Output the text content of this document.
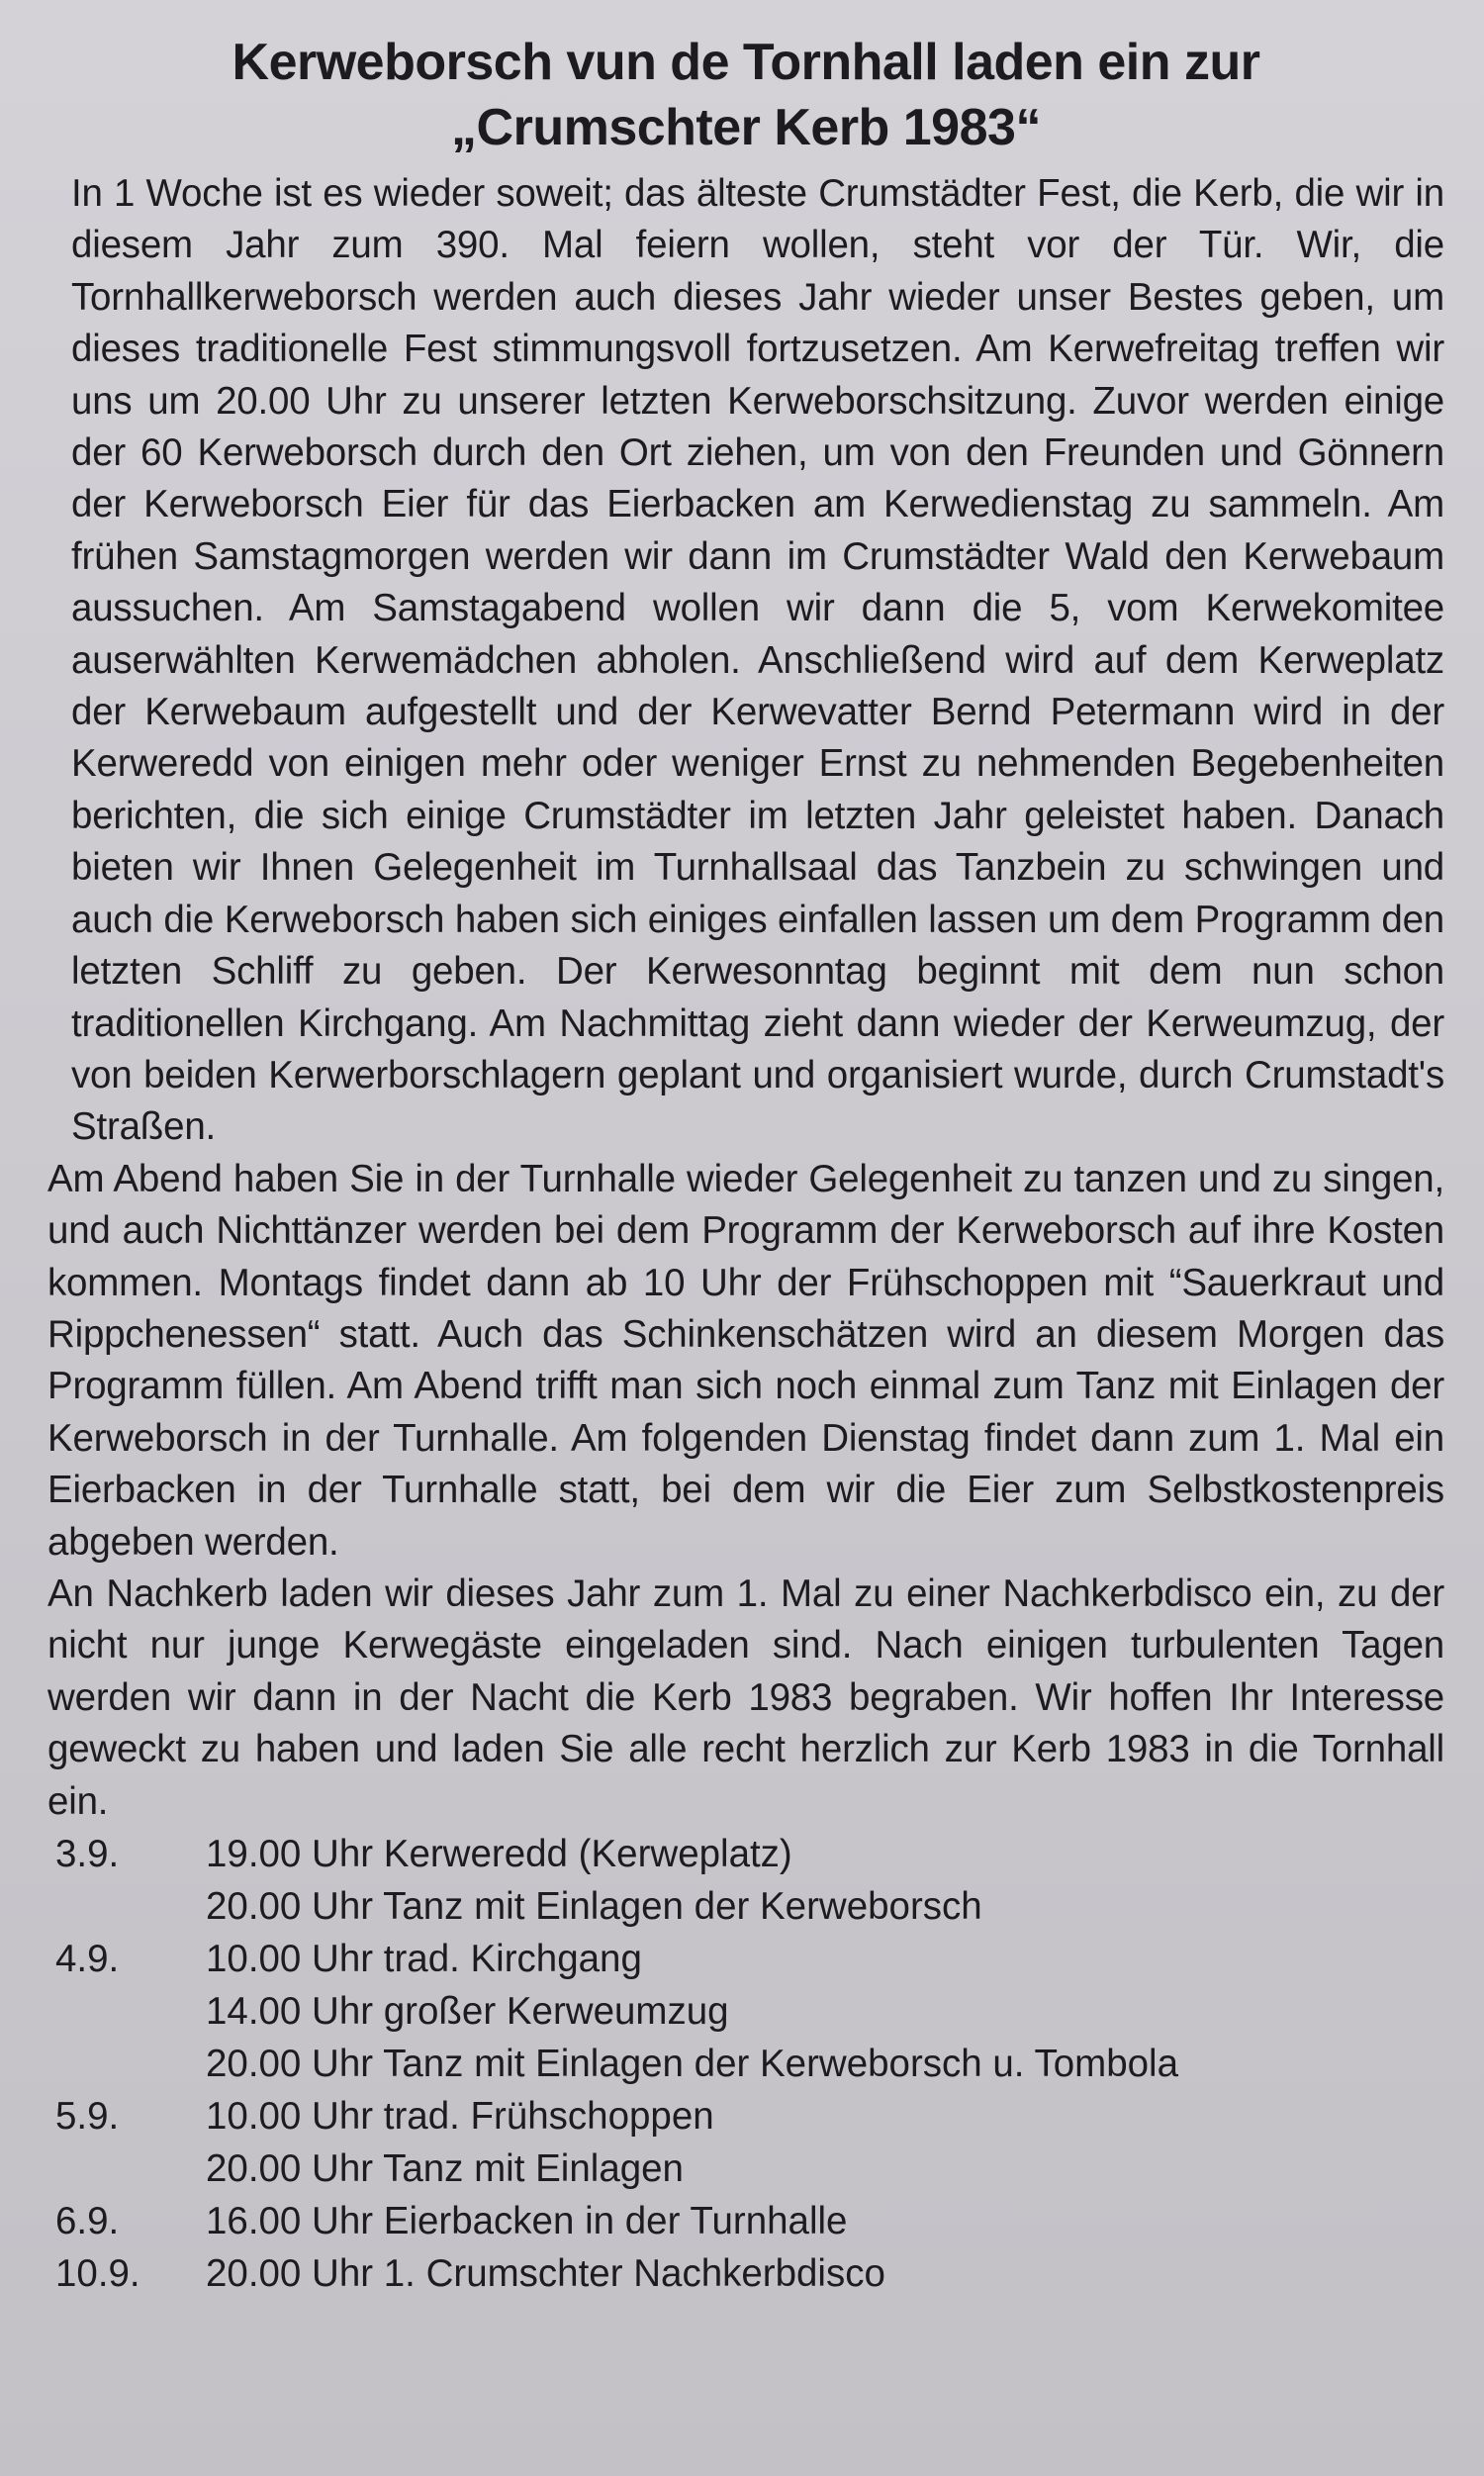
Kerweborsch vun de Tornhall laden ein zur
„Crumschter Kerb 1983“

In 1 Woche ist es wieder soweit; das älteste Crumstädter Fest, die Kerb, die wir in diesem Jahr zum 390. Mal feiern wollen, steht vor der Tür. Wir, die Tornhallkerweborsch werden auch dieses Jahr wieder unser Bestes geben, um dieses traditionelle Fest stimmungsvoll fortzusetzen. Am Kerwefreitag treffen wir uns um 20.00 Uhr zu unserer letzten Kerweborschsitzung. Zuvor werden einige der 60 Kerweborsch durch den Ort ziehen, um von den Freunden und Gönnern der Kerweborsch Eier für das Eierbacken am Kerwedienstag zu sammeln. Am frühen Samstagmorgen werden wir dann im Crumstädter Wald den Kerwebaum aussuchen. Am Samstagabend wollen wir dann die 5, vom Kerwekomitee auserwählten Kerwemädchen abholen. Anschließend wird auf dem Kerweplatz der Kerwebaum aufgestellt und der Kerwevatter Bernd Petermann wird in der Kerweredd von einigen mehr oder weniger Ernst zu nehmenden Begebenheiten berichten, die sich einige Crumstädter im letzten Jahr geleistet haben. Danach bieten wir Ihnen Gelegenheit im Turnhallsaal das Tanzbein zu schwingen und auch die Kerweborsch haben sich einiges einfallen lassen um dem Programm den letzten Schliff zu geben. Der Kerwesonntag beginnt mit dem nun schon traditionellen Kirchgang. Am Nachmittag zieht dann wieder der Kerweumzug, der von beiden Kerwerborschlagern geplant und organisiert wurde, durch Crumstadt's Straßen.

Am Abend haben Sie in der Turnhalle wieder Gelegenheit zu tanzen und zu singen, und auch Nichttänzer werden bei dem Programm der Kerweborsch auf ihre Kosten kommen. Montags findet dann ab 10 Uhr der Frühschoppen mit “Sauerkraut und Rippchenessen“ statt. Auch das Schinkenschätzen wird an diesem Morgen das Programm füllen. Am Abend trifft man sich noch einmal zum Tanz mit Einlagen der Kerweborsch in der Turnhalle. Am folgenden Dienstag findet dann zum 1. Mal ein Eierbacken in der Turnhalle statt, bei dem wir die Eier zum Selbstkostenpreis abgeben werden.

An Nachkerb laden wir dieses Jahr zum 1. Mal zu einer Nachkerbdisco ein, zu der nicht nur junge Kerwegäste eingeladen sind. Nach einigen turbulenten Tagen werden wir dann in der Nacht die Kerb 1983 begraben. Wir hoffen Ihr Interesse geweckt zu haben und laden Sie alle recht herzlich zur Kerb 1983 in die Tornhall ein.

3.9.	19.00 Uhr Kerweredd (Kerweplatz)
20.00 Uhr Tanz mit Einlagen der Kerweborsch
4.9.	10.00 Uhr trad. Kirchgang
14.00 Uhr großer Kerweumzug
20.00 Uhr Tanz mit Einlagen der Kerweborsch u. Tombola
5.9.	10.00 Uhr trad. Frühschoppen
20.00 Uhr Tanz mit Einlagen
6.9.	16.00 Uhr Eierbacken in der Turnhalle
10.9.	20.00 Uhr 1. Crumschter Nachkerbdisco
